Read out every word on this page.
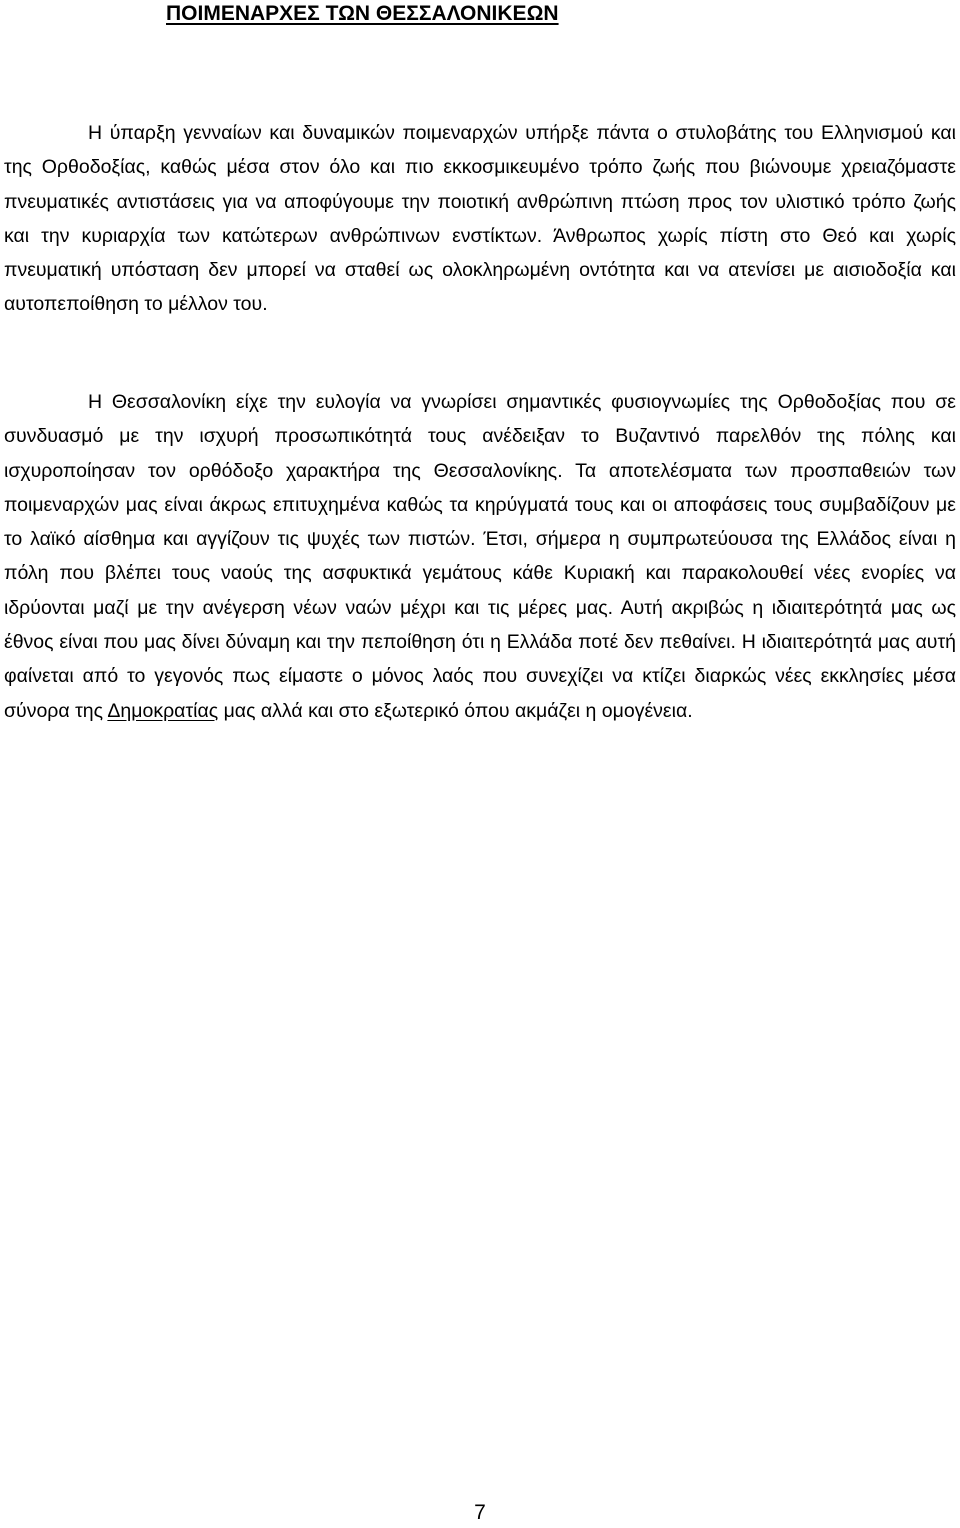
ΠΟΙΜΕΝΑΡΧΕΣ ΤΩΝ ΘΕΣΣΑΛΟΝΙΚΕΩΝ

Η ύπαρξη γενναίων και δυναμικών ποιμεναρχών υπήρξε πάντα ο στυλοβάτης του Ελληνισμού και της Ορθοδοξίας, καθώς μέσα στον όλο και πιο εκκοσμικευμένο τρόπο ζωής που βιώνουμε χρειαζόμαστε πνευματικές αντιστάσεις για να αποφύγουμε την ποιοτική ανθρώπινη πτώση προς τον υλιστικό τρόπο ζωής και την κυριαρχία των κατώτερων ανθρώπινων ενστίκτων. Άνθρωπος χωρίς πίστη στο Θεό και χωρίς πνευματική υπόσταση δεν μπορεί να σταθεί ως ολοκληρωμένη οντότητα και να ατενίσει με αισιοδοξία και αυτοπεποίθηση το μέλλον του.

Η Θεσσαλονίκη είχε την ευλογία να γνωρίσει σημαντικές φυσιογνωμίες της Ορθοδοξίας που σε συνδυασμό με την ισχυρή προσωπικότητά τους ανέδειξαν το Βυζαντινό παρελθόν της πόλης και ισχυροποίησαν τον ορθόδοξο χαρακτήρα της Θεσσαλονίκης. Τα αποτελέσματα των προσπαθειών των ποιμεναρχών μας είναι άκρως επιτυχημένα καθώς τα κηρύγματά τους και οι αποφάσεις τους συμβαδίζουν με το λαϊκό αίσθημα και αγγίζουν τις ψυχές των πιστών. Έτσι, σήμερα η συμπρωτεύουσα της Ελλάδος είναι η πόλη που βλέπει τους ναούς της ασφυκτικά γεμάτους κάθε Κυριακή και παρακολουθεί νέες ενορίες να ιδρύονται μαζί με την ανέγερση νέων ναών μέχρι και τις μέρες μας. Αυτή ακριβώς η ιδιαιτερότητά μας ως έθνος είναι που μας δίνει δύναμη και την πεποίθηση ότι η Ελλάδα ποτέ δεν πεθαίνει. Η ιδιαιτερότητά μας αυτή φαίνεται από το γεγονός πως είμαστε ο μόνος λαός που συνεχίζει να κτίζει διαρκώς νέες εκκλησίες μέσα σύνορα της Δημοκρατίας μας αλλά και στο εξωτερικό όπου ακμάζει η ομογένεια.

7
